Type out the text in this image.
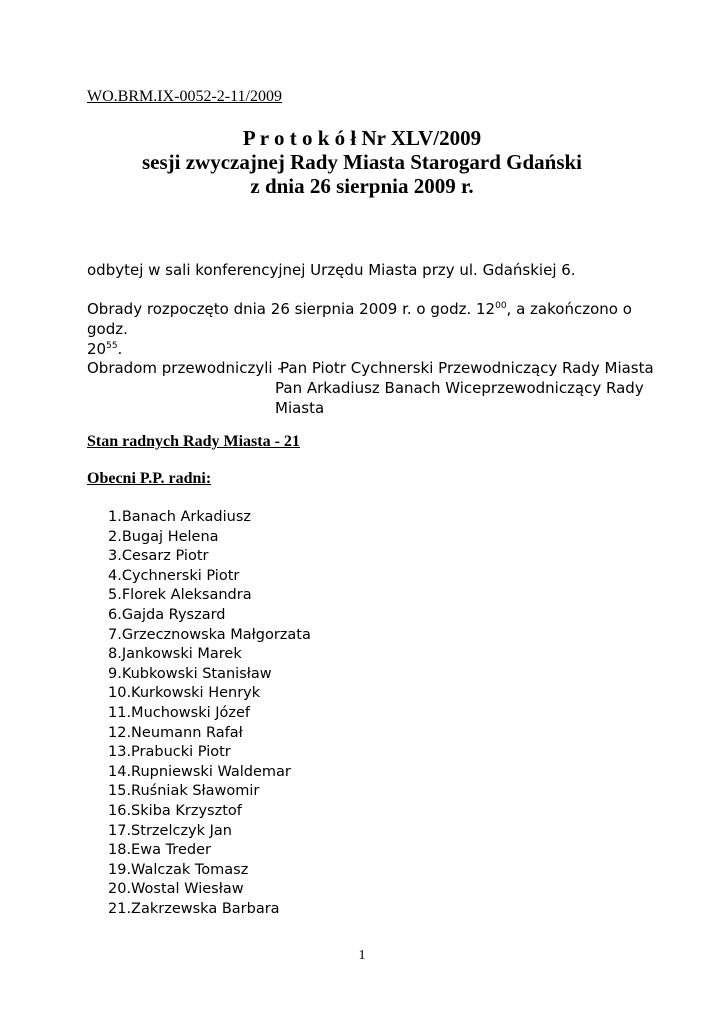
WO.BRM.IX-0052-2-11/2009

P r o t o k ó ł Nr XLV/2009
sesji zwyczajnej Rady Miasta Starogard Gdański
z dnia 26 sierpnia 2009 r.

odbytej w sali konferencyjnej Urzędu Miasta przy ul. Gdańskiej 6.

Obrady rozpoczęto dnia 26 sierpnia 2009 r. o godz. $12^{00}$, a zakończono o godz.
$20^{55}$.

Obradom przewodniczyli -
Pan Piotr Cychnerski Przewodniczący Rady Miasta
Pan Arkadiusz Banach Wiceprzewodniczący Rady Miasta

Stan radnych Rady Miasta - 21

Obecni P.P. radni:

1.Banach Arkadiusz
2.Bugaj Helena
3.Cesarz Piotr
4.Cychnerski Piotr
5.Florek Aleksandra
6.Gajda Ryszard
7.Grzecznowska Małgorzata
8.Jankowski Marek
9.Kubkowski Stanisław
10.Kurkowski Henryk
11.Muchowski Józef
12.Neumann Rafał
13.Prabucki Piotr
14.Rupniewski Waldemar
15.Ruśniak Sławomir
16.Skiba Krzysztof
17.Strzelczyk Jan
18.Ewa Treder
19.Walczak Tomasz
20.Wostal Wiesław
21.Zakrzewska Barbara

1
